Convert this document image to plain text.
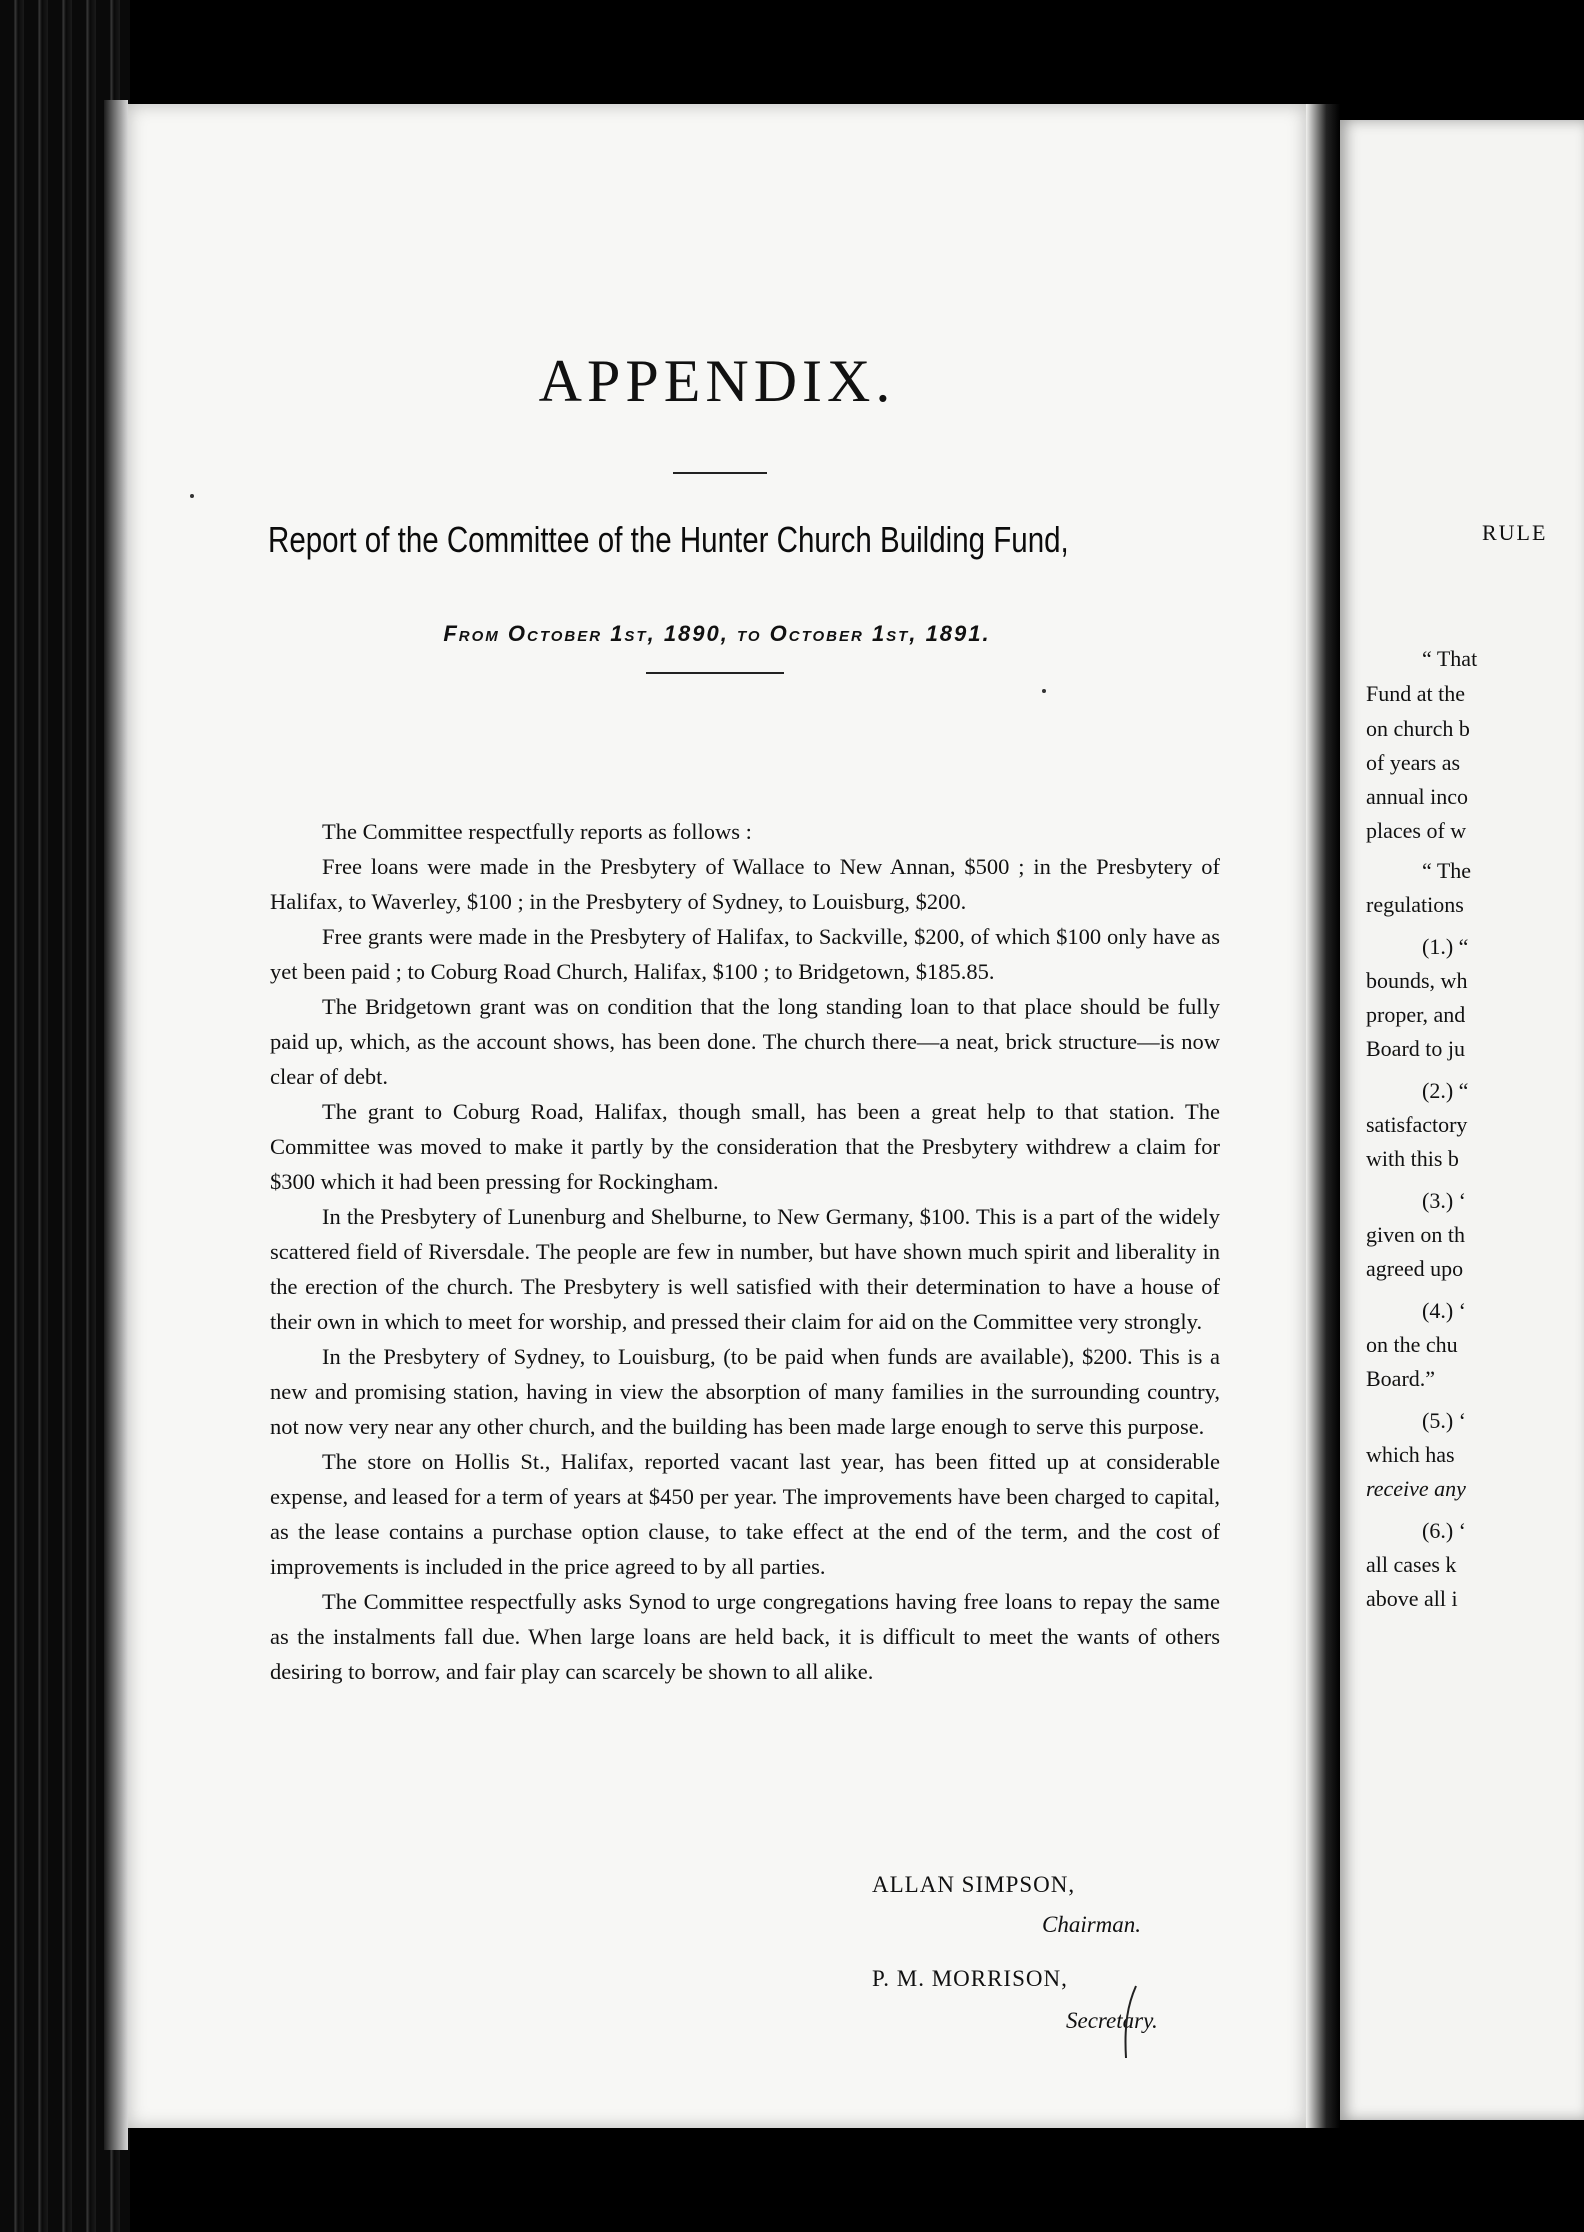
APPENDIX.
Report of the Committee of the Hunter Church Building Fund,
From October 1st, 1890, to October 1st, 1891.

The Committee respectfully reports as follows :

Free loans were made in the Presbytery of Wallace to New Annan, $500 ; in the Presbytery of Halifax, to Waverley, $100 ; in the Presbytery of Sydney, to Louisburg, $200.

Free grants were made in the Presbytery of Halifax, to Sackville, $200, of which $100 only have as yet been paid ; to Coburg Road Church, Halifax, $100 ; to Bridgetown, $185.85.

The Bridgetown grant was on condition that the long standing loan to that place should be fully paid up, which, as the account shows, has been done. The church there—a neat, brick structure—is now clear of debt.

The grant to Coburg Road, Halifax, though small, has been a great help to that station. The Committee was moved to make it partly by the consideration that the Presbytery withdrew a claim for $300 which it had been pressing for Rockingham.

In the Presbytery of Lunenburg and Shelburne, to New Germany, $100. This is a part of the widely scattered field of Riversdale. The people are few in number, but have shown much spirit and liberality in the erection of the church. The Presbytery is well satisfied with their determination to have a house of their own in which to meet for worship, and pressed their claim for aid on the Committee very strongly.

In the Presbytery of Sydney, to Louisburg, (to be paid when funds are available), $200. This is a new and promising station, having in view the absorption of many families in the surrounding country, not now very near any other church, and the building has been made large enough to serve this purpose.

The store on Hollis St., Halifax, reported vacant last year, has been fitted up at considerable expense, and leased for a term of years at $450 per year. The improvements have been charged to capital, as the lease contains a purchase option clause, to take effect at the end of the term, and the cost of improvements is included in the price agreed to by all parties.

The Committee respectfully asks Synod to urge congregations having free loans to repay the same as the instalments fall due. When large loans are held back, it is difficult to meet the wants of others desiring to borrow, and fair play can scarcely be shown to all alike.

ALLAN SIMPSON,
Chairman.
P. M. MORRISON,
Secretary.
RULE
“ That
Fund at the
on church b
of years as
annual inco
places of w
“ The
regulations
(1.) “
bounds, wh
proper, and
Board to ju
(2.) “
satisfactory
with this b
(3.) ‘
given on th
agreed upo
(4.) ‘
on the chu
Board.”
(5.) ‘
which has
receive any
(6.) ‘
all cases k
above all i
